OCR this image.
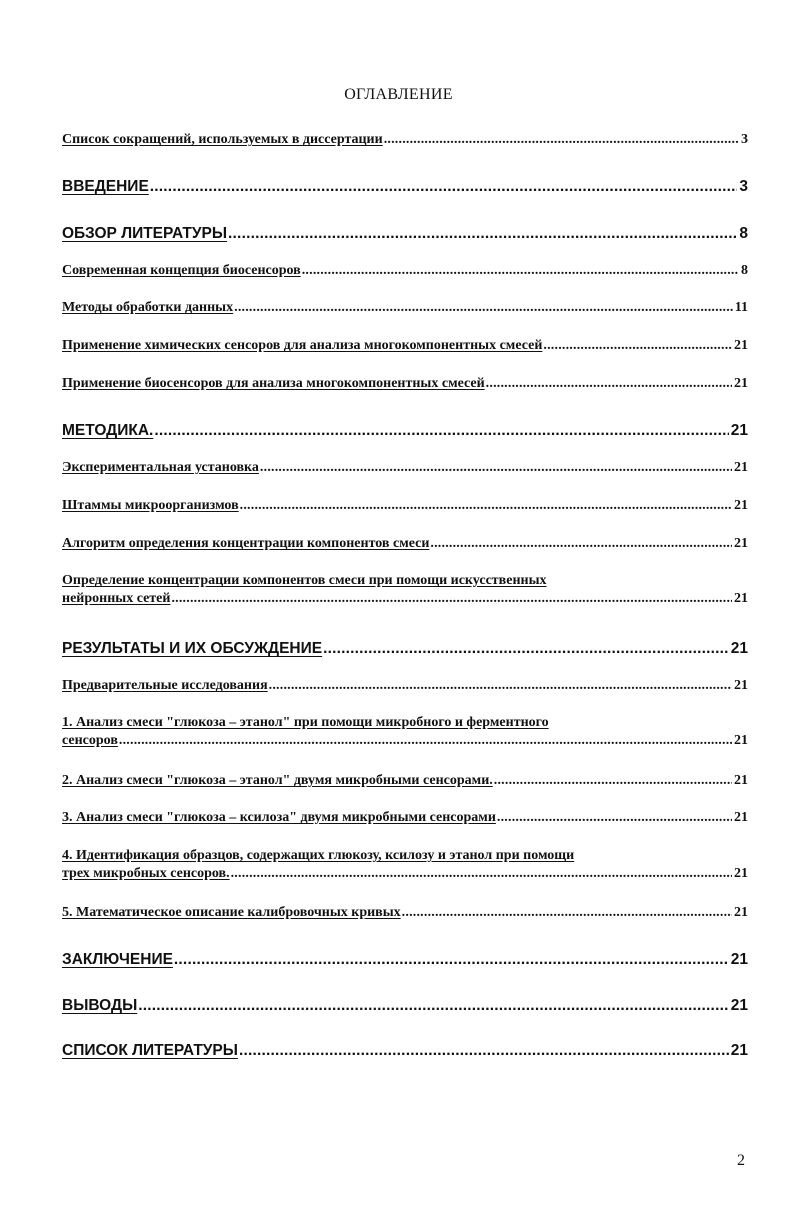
ОГЛАВЛЕНИЕ
Список сокращений, используемых в диссертации .....	3
ВВЕДЕНИЕ .....	3
ОБЗОР ЛИТЕРАТУРЫ .....	8
Современная концепция биосенсоров .....	8
Методы обработки данных .....	11
Применение химических сенсоров для анализа многокомпонентных смесей .....	21
Применение биосенсоров для анализа многокомпонентных смесей .....	21
МЕТОДИКА. .....	21
Экспериментальная установка .....	21
Штаммы микроорганизмов .....	21
Алгоритм определения концентрации компонентов смеси .....	21
Определение концентрации компонентов смеси при помощи искусственных
нейронных сетей .....	21
РЕЗУЛЬТАТЫ И ИХ ОБСУЖДЕНИЕ .....	21
Предварительные исследования .....	21
1. Анализ смеси "глюкоза – этанол" при помощи микробного и ферментного
сенсоров .....	21
2. Анализ смеси "глюкоза – этанол" двумя микробными сенсорами. .....	21
3. Анализ смеси "глюкоза – ксилоза" двумя микробными сенсорами .....	21
4. Идентификация образцов, содержащих глюкозу, ксилозу и этанол при помощи
трех микробных сенсоров. .....	21
5. Математическое описание калибровочных кривых .....	21
ЗАКЛЮЧЕНИЕ .....	21
ВЫВОДЫ .....	21
СПИСОК ЛИТЕРАТУРЫ .....	21
2
